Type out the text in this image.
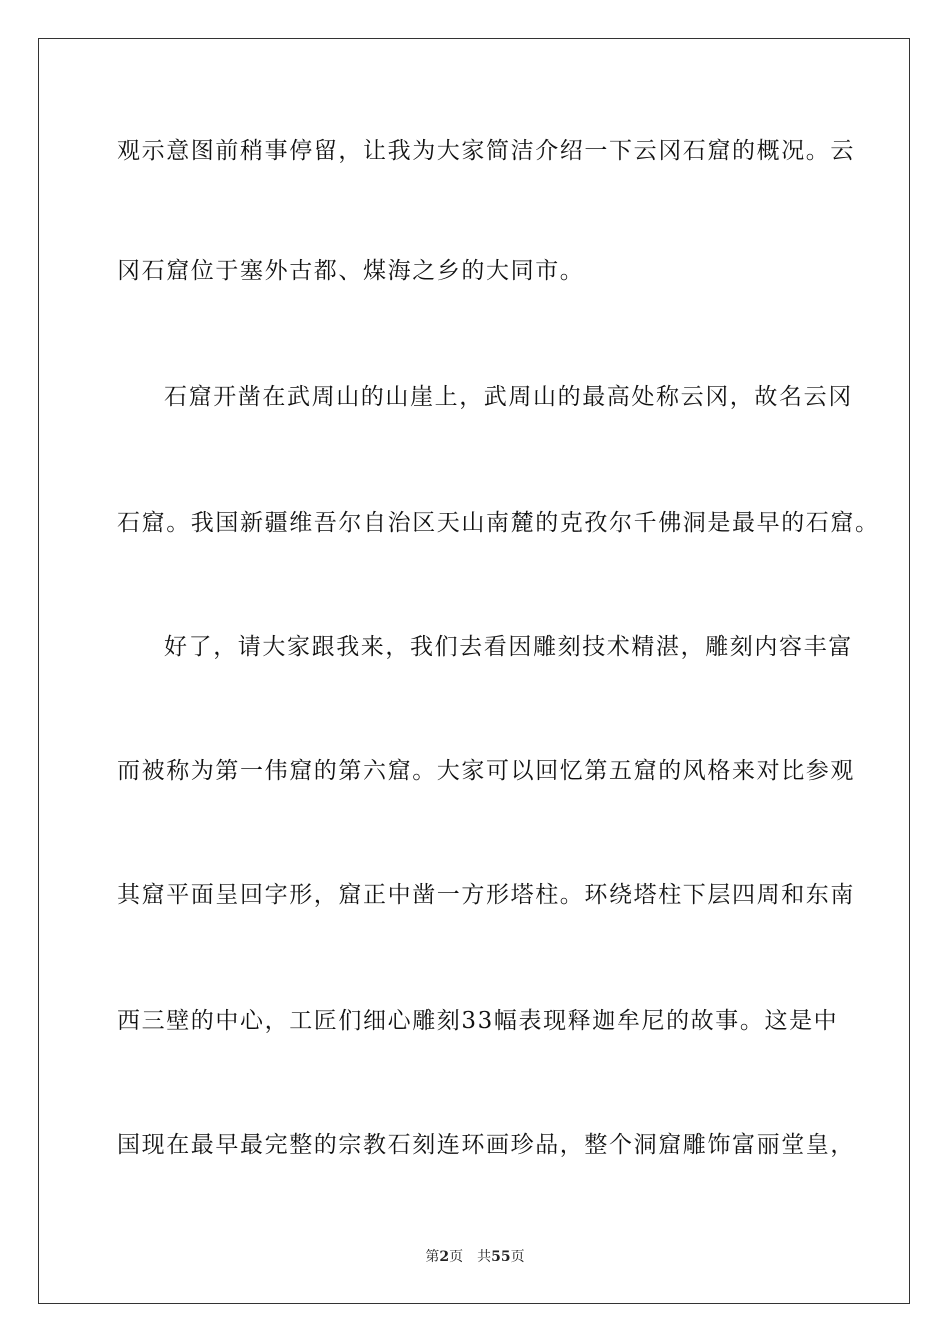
观示意图前稍事停留，让我为大家简洁介绍一下云冈石窟的概况。云
冈石窟位于塞外古都、煤海之乡的大同市。
石窟开凿在武周山的山崖上，武周山的最高处称云冈，故名云冈
石窟。我国新疆维吾尔自治区天山南麓的克孜尔千佛洞是最早的石窟。
好了，请大家跟我来，我们去看因雕刻技术精湛，雕刻内容丰富
而被称为第一伟窟的第六窟。大家可以回忆第五窟的风格来对比参观
其窟平面呈回字形，窟正中凿一方形塔柱。环绕塔柱下层四周和东南
西三壁的中心，工匠们细心雕刻33幅表现释迦牟尼的故事。这是中
国现在最早最完整的宗教石刻连环画珍品，整个洞窟雕饰富丽堂皇，
第2页 共55页
